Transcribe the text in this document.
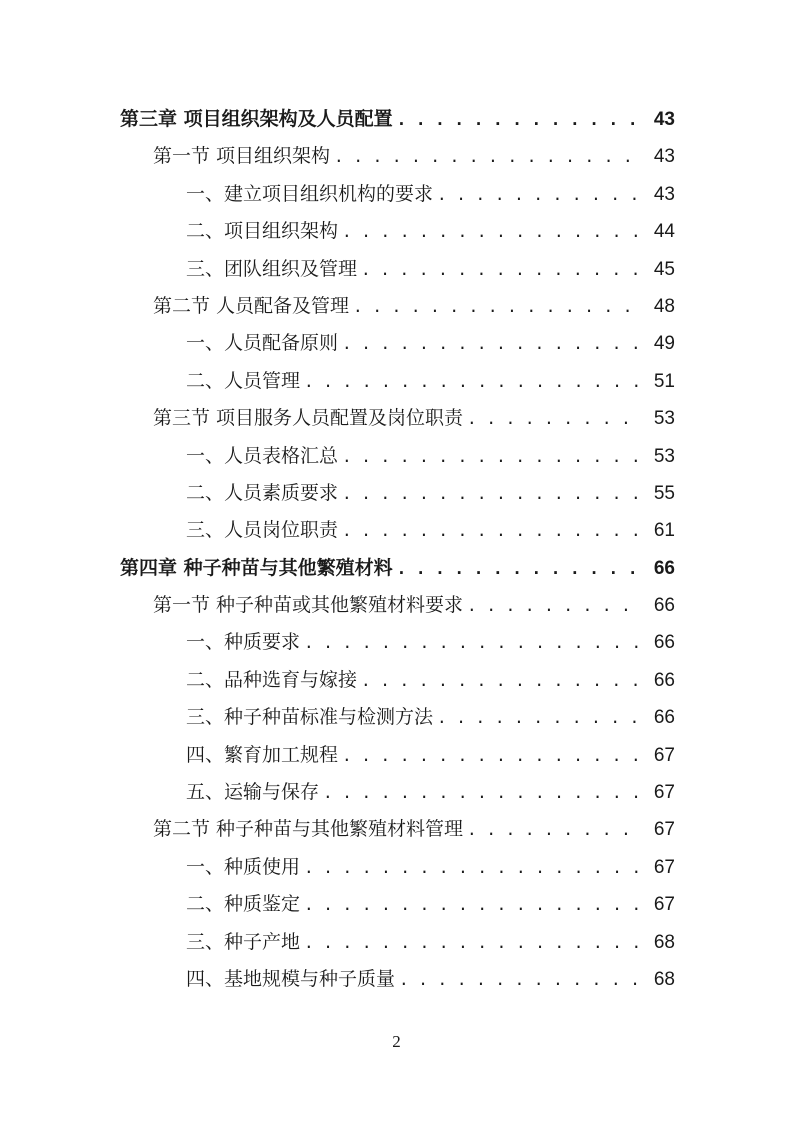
第三章 项目组织架构及人员配置 . . .	43
第一节 项目组织架构 . . .	43
一、建立项目组织机构的要求 . . .	43
二、项目组织架构 . . .	44
三、团队组织及管理 . . .	45
第二节 人员配备及管理 . . .	48
一、人员配备原则 . . .	49
二、人员管理 . . .	51
第三节 项目服务人员配置及岗位职责 . . .	53
一、人员表格汇总 . . .	53
二、人员素质要求 . . .	55
三、人员岗位职责 . . .	61
第四章 种子种苗与其他繁殖材料 . . .	66
第一节 种子种苗或其他繁殖材料要求 . . .	66
一、种质要求 . . .	66
二、品种选育与嫁接 . . .	66
三、种子种苗标准与检测方法 . . .	66
四、繁育加工规程 . . .	67
五、运输与保存 . . .	67
第二节 种子种苗与其他繁殖材料管理 . . .	67
一、种质使用 . . .	67
二、种质鉴定 . . .	67
三、种子产地 . . .	68
四、基地规模与种子质量 . . .	68
2
